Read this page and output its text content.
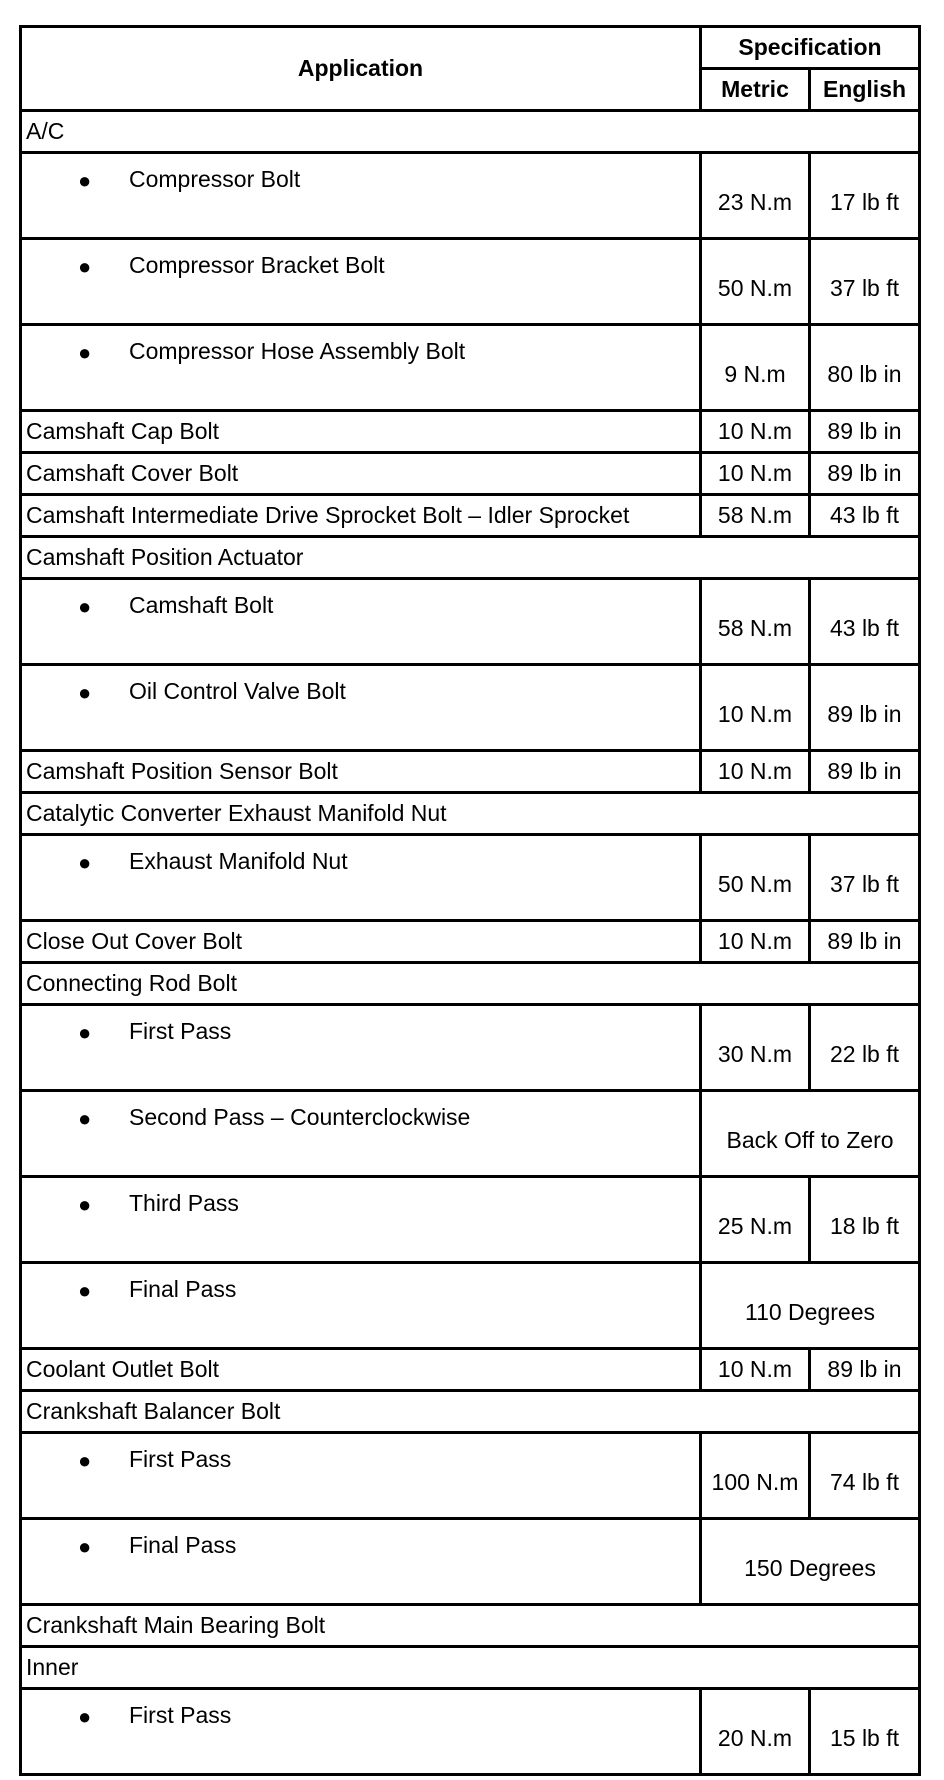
Application	Specification	
	Metric	English
A/C		

● Compressor Bolt	23 N.m	17 lb ft

● Compressor Bracket Bolt	50 N.m	37 lb ft

● Compressor Hose Assembly Bolt	9 N.m	80 lb in
Camshaft Cap Bolt	10 N.m	89 lb in
Camshaft Cover Bolt	10 N.m	89 lb in
Camshaft Intermediate Drive Sprocket Bolt – Idler Sprocket	58 N.m	43 lb ft
Camshaft Position Actuator		

● Camshaft Bolt	58 N.m	43 lb ft

● Oil Control Valve Bolt	10 N.m	89 lb in
Camshaft Position Sensor Bolt	10 N.m	89 lb in
Catalytic Converter Exhaust Manifold Nut		

● Exhaust Manifold Nut	50 N.m	37 lb ft
Close Out Cover Bolt	10 N.m	89 lb in
Connecting Rod Bolt		

● First Pass	30 N.m	22 lb ft

● Second Pass – Counterclockwise	Back Off to Zero	

● Third Pass	25 N.m	18 lb ft

● Final Pass	110 Degrees	
Coolant Outlet Bolt	10 N.m	89 lb in
Crankshaft Balancer Bolt		

● First Pass	100 N.m	74 lb ft

● Final Pass	150 Degrees	
Crankshaft Main Bearing Bolt		
Inner		

● First Pass	20 N.m	15 lb ft
